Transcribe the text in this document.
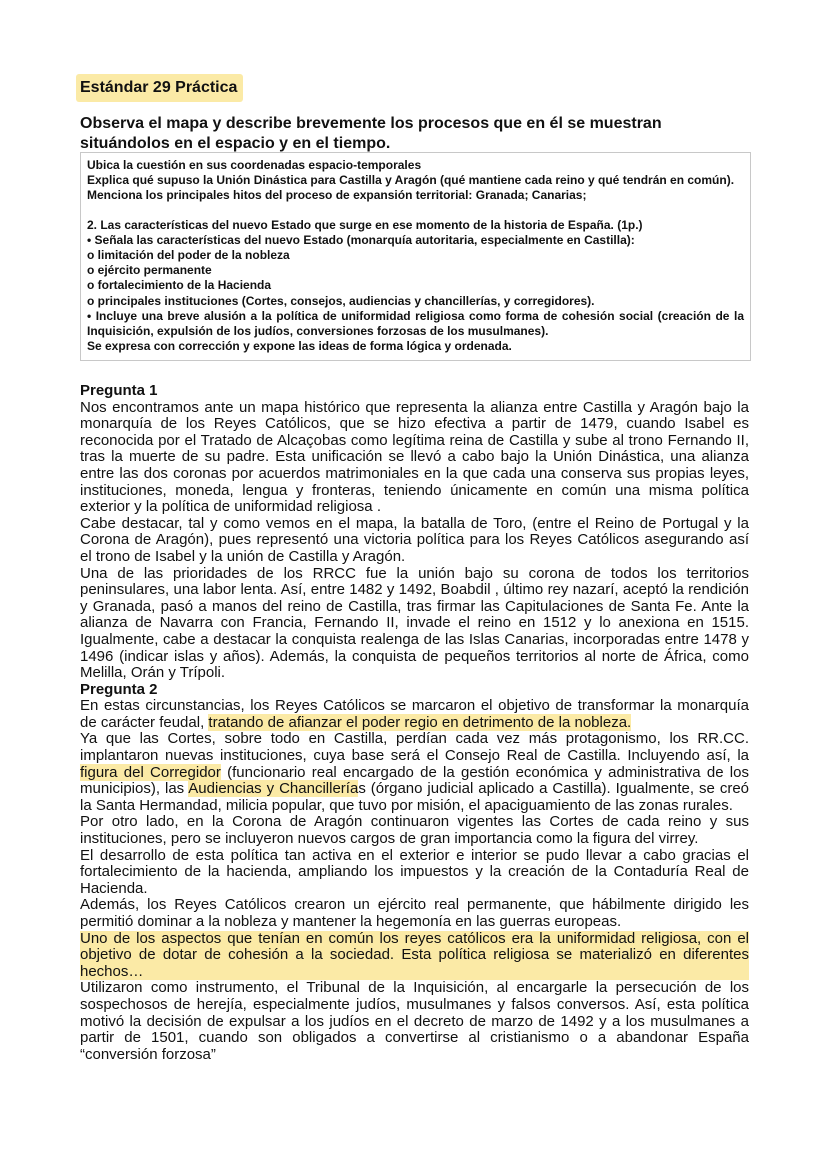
Estándar 29 Práctica
Observa el mapa y describe brevemente los procesos que en él se muestran situándolos en el espacio y en el tiempo.
Ubica la cuestión en sus coordenadas espacio-temporales
Explica qué supuso la Unión Dinástica para Castilla y Aragón (qué mantiene cada reino y qué tendrán en común).
Menciona los principales hitos del proceso de expansión territorial: Granada; Canarias;
2. Las características del nuevo Estado que surge en ese momento de la historia de España. (1p.)
• Señala las características del nuevo Estado (monarquía autoritaria, especialmente en Castilla):
o limitación del poder de la nobleza
o ejército permanente
o fortalecimiento de la Hacienda
o principales instituciones (Cortes, consejos, audiencias y chancillerías, y corregidores).
• Incluye una breve alusión a la política de uniformidad religiosa como forma de cohesión social (creación de la Inquisición, expulsión de los judíos, conversiones forzosas de los musulmanes).
Se expresa con corrección y expone las ideas de forma lógica y ordenada.
Pregunta 1
Nos encontramos ante un mapa histórico que representa la alianza entre Castilla y Aragón bajo la monarquía de los Reyes Católicos, que se hizo efectiva a partir de 1479, cuando Isabel es reconocida por el Tratado de Alcaçobas como legítima reina de Castilla y sube al trono Fernando II, tras la muerte de su padre. Esta unificación se llevó a cabo bajo la Unión Dinástica, una alianza entre las dos coronas por acuerdos matrimoniales en la que cada una conserva sus propias leyes, instituciones, moneda, lengua y fronteras, teniendo únicamente en común una misma política exterior y la política de uniformidad religiosa .
Cabe destacar, tal y como vemos en el mapa, la batalla de Toro, (entre el Reino de Portugal y la Corona de Aragón), pues representó una victoria política para los Reyes Católicos asegurando así el trono de Isabel y la unión de Castilla y Aragón.
Una de las prioridades de los RRCC fue la unión bajo su corona de todos los territorios peninsulares, una labor lenta. Así, entre 1482 y 1492, Boabdil , último rey nazarí, aceptó la rendición y Granada, pasó a manos del reino de Castilla, tras firmar las Capitulaciones de Santa Fe. Ante la alianza de Navarra con Francia, Fernando II, invade el reino en 1512 y lo anexiona en 1515. Igualmente, cabe a destacar la conquista realenga de las Islas Canarias, incorporadas entre 1478 y 1496 (indicar islas y años). Además, la conquista de pequeños territorios al norte de África, como Melilla, Orán y Trípoli.
Pregunta 2
En estas circunstancias, los Reyes Católicos se marcaron el objetivo de transformar la monarquía de carácter feudal, tratando de afianzar el poder regio en detrimento de la nobleza.
Ya que las Cortes, sobre todo en Castilla, perdían cada vez más protagonismo, los RR.CC. implantaron nuevas instituciones, cuya base será el Consejo Real de Castilla. Incluyendo así, la figura del Corregidor (funcionario real encargado de la gestión económica y administrativa de los municipios), las Audiencias y Chancillerías (órgano judicial aplicado a Castilla). Igualmente, se creó la Santa Hermandad, milicia popular, que tuvo por misión, el apaciguamiento de las zonas rurales.
Por otro lado, en la Corona de Aragón continuaron vigentes las Cortes de cada reino y sus instituciones, pero se incluyeron nuevos cargos de gran importancia como la figura del virrey.
El desarrollo de esta política tan activa en el exterior e interior se pudo llevar a cabo gracias el fortalecimiento de la hacienda, ampliando los impuestos y la creación de la Contaduría Real de Hacienda.
Además, los Reyes Católicos crearon un ejército real permanente, que hábilmente dirigido les permitió dominar a la nobleza y mantener la hegemonía en las guerras europeas.
Uno de los aspectos que tenían en común los reyes católicos era la uniformidad religiosa, con el objetivo de dotar de cohesión a la sociedad. Esta política religiosa se materializó en diferentes hechos…
Utilizaron como instrumento, el Tribunal de la Inquisición, al encargarle la persecución de los sospechosos de herejía, especialmente judíos, musulmanes y falsos conversos. Así, esta política motivó la decisión de expulsar a los judíos en el decreto de marzo de 1492 y a los musulmanes a partir de 1501, cuando son obligados a convertirse al cristianismo o a abandonar España “conversión forzosa”
